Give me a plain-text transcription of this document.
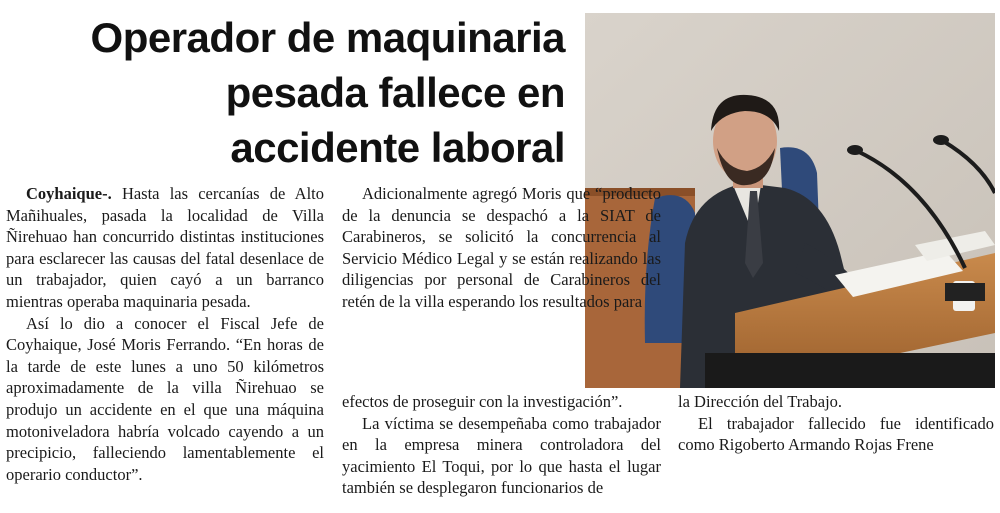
Operador de maquinaria
pesada fallece en
accidente laboral

Coyhaique-. Hasta las cercanías de Alto Mañihuales, pasada la localidad de Villa Ñirehuao han concurrido distintas instituciones para esclarecer las causas del fatal desenlace de un trabajador, quien cayó a un barranco mientras operaba maquinaria pesada.

Así lo dio a conocer el Fiscal Jefe de Coyhaique, José Moris Ferrando. “En horas de la tarde de este lunes a uno 50 kilómetros aproximadamente de la villa Ñirehuao se produjo un accidente en el que una máquina motoniveladora habría volcado cayendo a un precipicio, falleciendo lamentablemente el operario conductor”.

Adicionalmente agregó Moris que “producto de la denuncia se despachó a la SIAT de Carabineros, se solicitó la concurrencia al Servicio Médico Legal y se están realizando las diligencias por personal de Carabineros del retén de la villa esperando los resultados para

efectos de proseguir con la investigación”.

La víctima se desempeñaba como trabajador en la empresa minera controladora del yacimiento El Toqui, por lo que hasta el lugar también se desplegaron funcionarios de

la Dirección del Trabajo.

El trabajador fallecido fue identificado como Rigoberto Armando Rojas Frene
